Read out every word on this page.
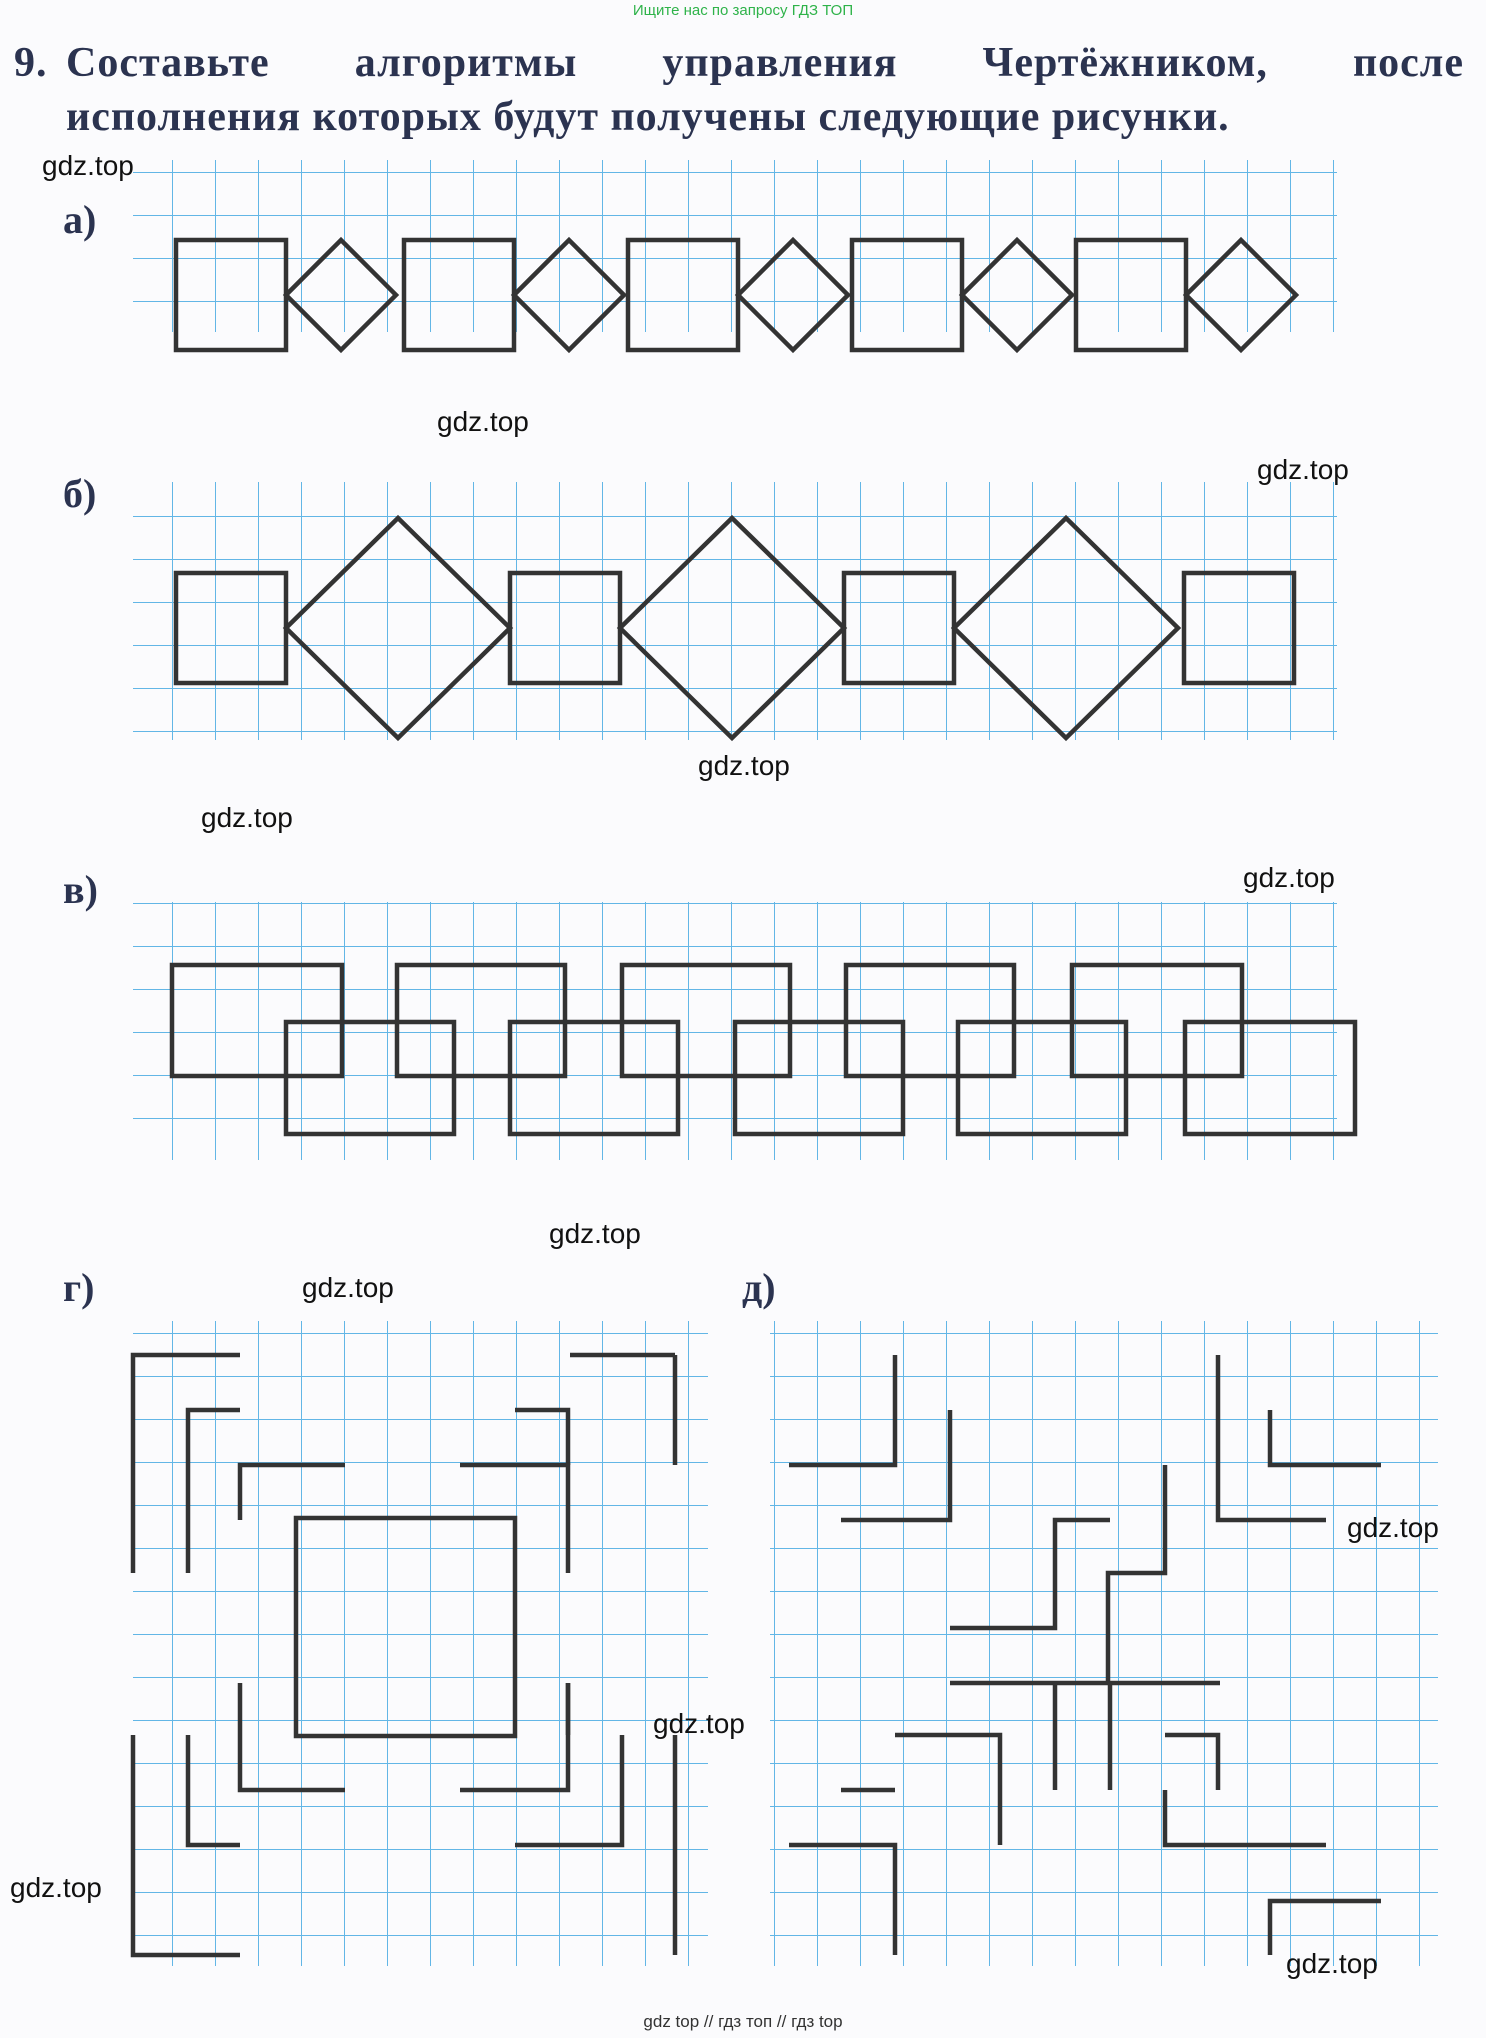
Ищите нас по запросу ГДЗ ТОП
9. Составьте алгоритмы управления Чертёжником, после
исполнения которых будут получены следующие рисунки.
а)
б)
в)
г)	д)
gdz.top
gdz.top
gdz.top
gdz.top
gdz.top
gdz.top
gdz.top
gdz.top
gdz.top
gdz.top
gdz.top
gdz.top
gdz top // гдз топ // гдз top
